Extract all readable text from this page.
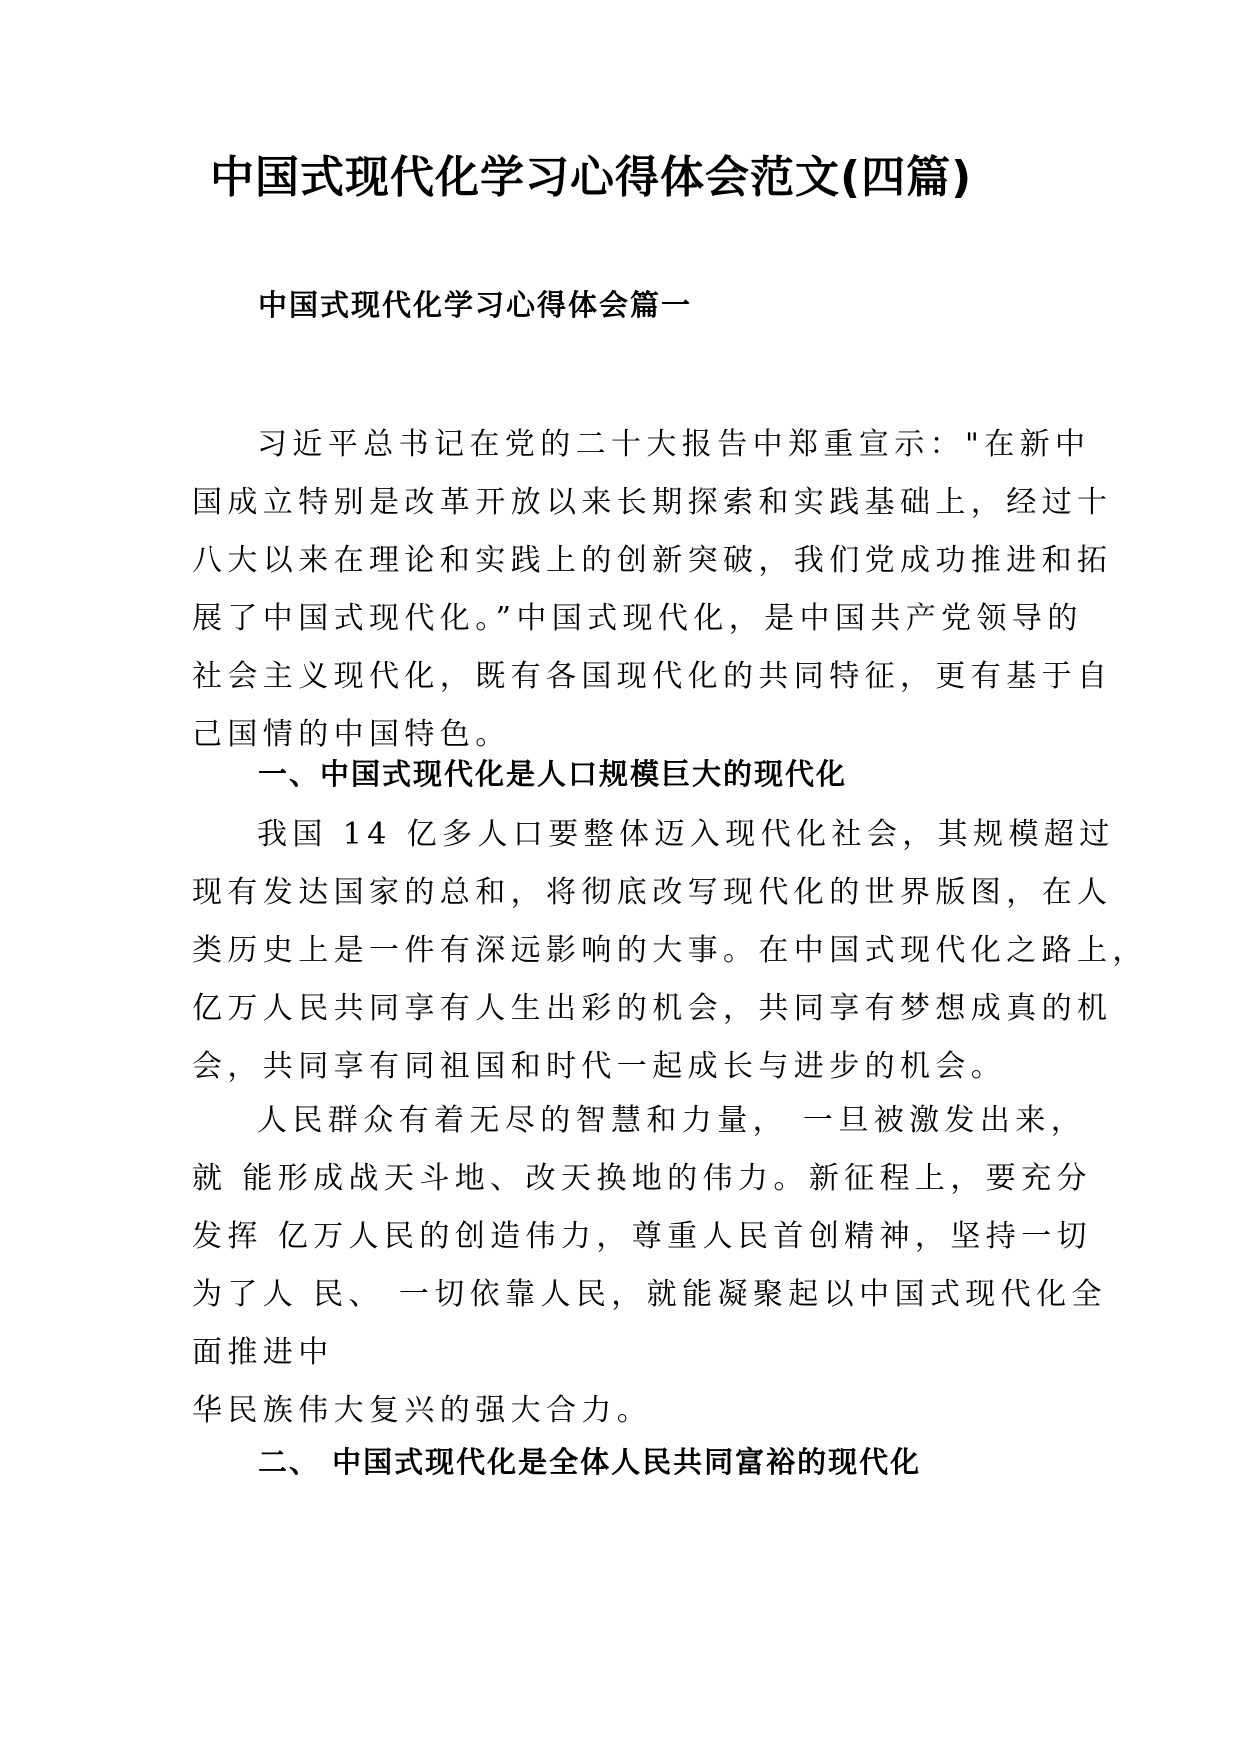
中国式现代化学习心得体会范文(四篇)
中国式现代化学习心得体会篇一
习近平总书记在党的二十大报告中郑重宣示："在新中
国成立特别是改革开放以来长期探索和实践基础上，经过十
八大以来在理论和实践上的创新突破，我们党成功推进和拓
展了中国式现代化。”中国式现代化，是中国共产党领导的
社会主义现代化，既有各国现代化的共同特征，更有基于自
己国情的中国特色。
一、中国式现代化是人口规模巨大的现代化
我国 14 亿多人口要整体迈入现代化社会，其规模超过
现有发达国家的总和，将彻底改写现代化的世界版图，在人
类历史上是一件有深远影响的大事。在中国式现代化之路上，
亿万人民共同享有人生出彩的机会，共同享有梦想成真的机
会，共同享有同祖国和时代一起成长与进步的机会。
人民群众有着无尽的智慧和力量， 一旦被激发出来，
就 能形成战天斗地、改天换地的伟力。新征程上，要充分
发挥 亿万人民的创造伟力，尊重人民首创精神，坚持一切
为了人 民、 一切依靠人民，就能凝聚起以中国式现代化全
面推进中
华民族伟大复兴的强大合力。
二、 中国式现代化是全体人民共同富裕的现代化
